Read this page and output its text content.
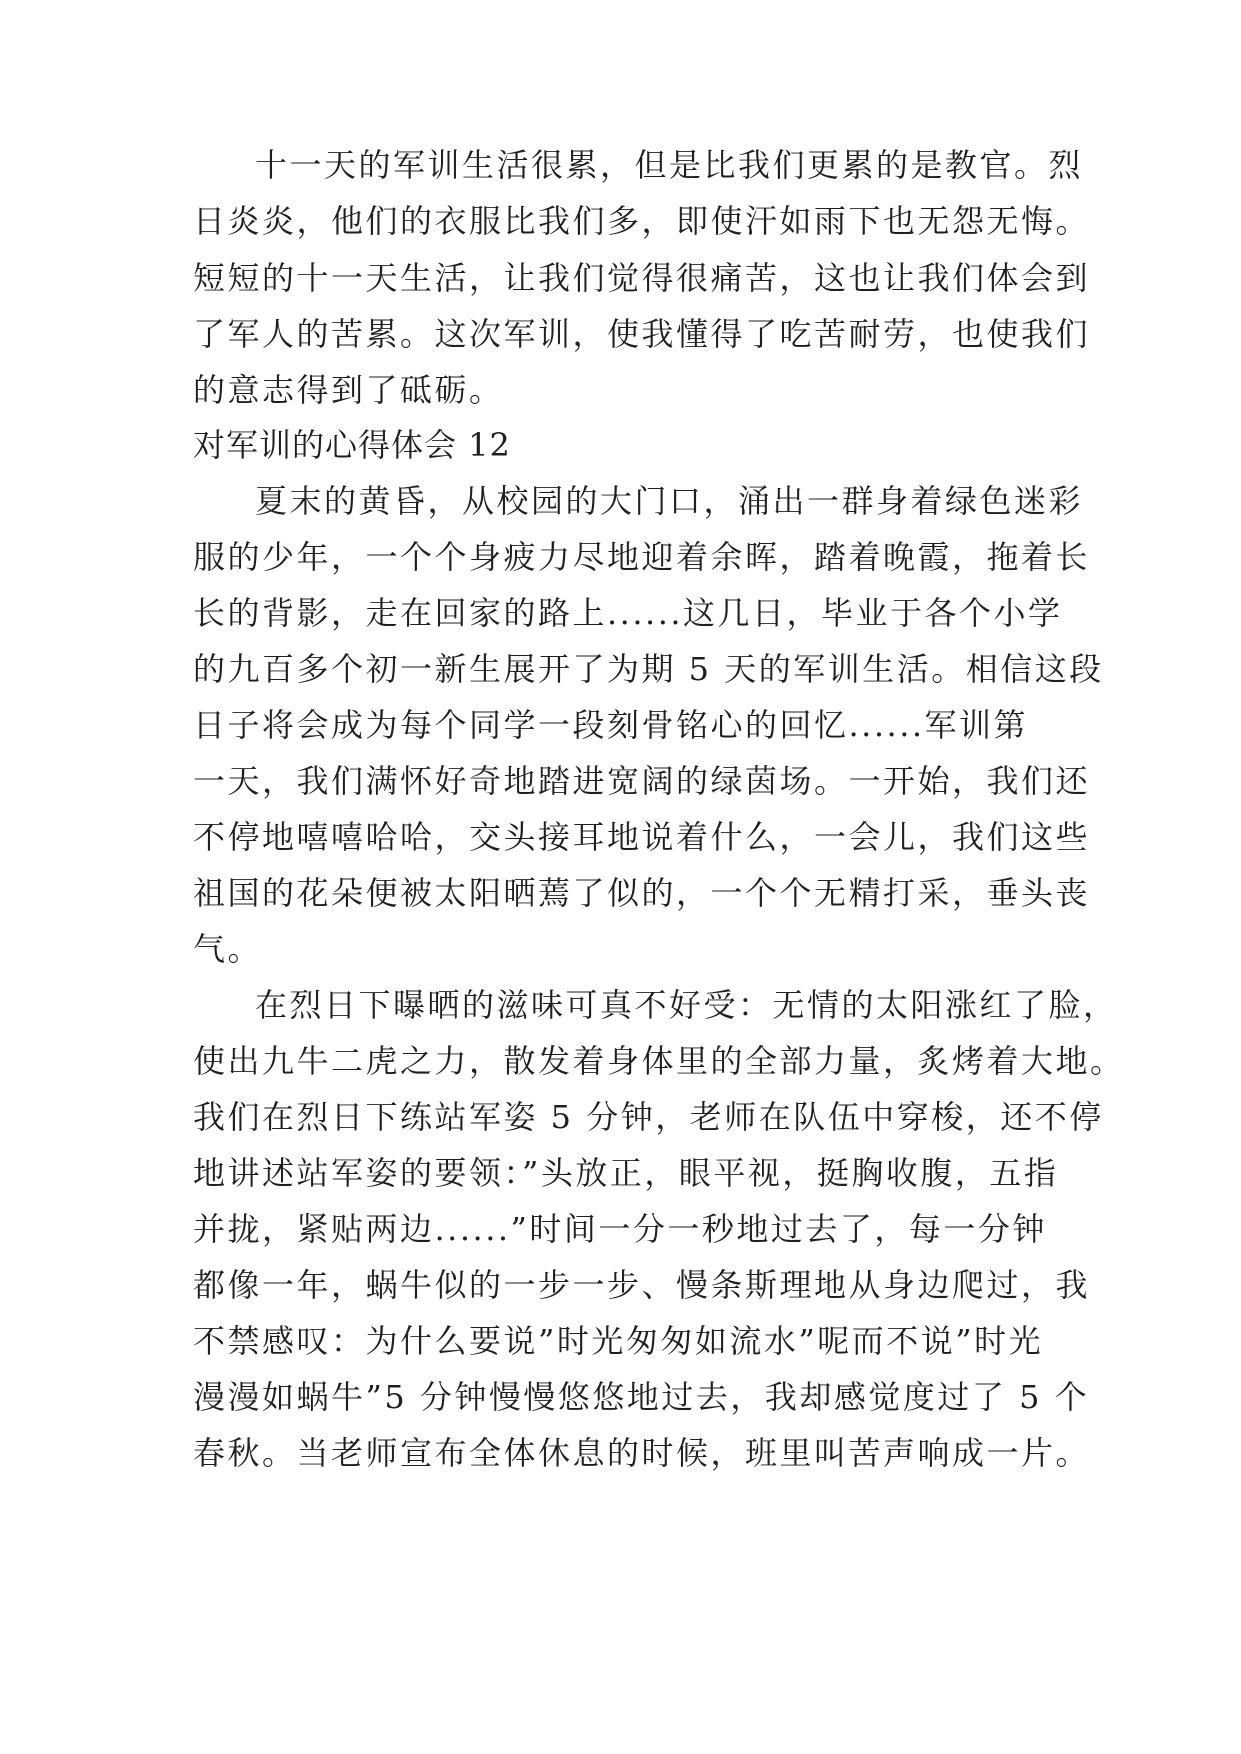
十一天的军训生活很累，但是比我们更累的是教官。烈
日炎炎，他们的衣服比我们多，即使汗如雨下也无怨无悔。
短短的十一天生活，让我们觉得很痛苦，这也让我们体会到
了军人的苦累。这次军训，使我懂得了吃苦耐劳，也使我们
的意志得到了砥砺。
对军训的心得体会 12
夏末的黄昏，从校园的大门口，涌出一群身着绿色迷彩
服的少年，一个个身疲力尽地迎着余晖，踏着晚霞，拖着长
长的背影，走在回家的路上......这几日，毕业于各个小学
的九百多个初一新生展开了为期 5 天的军训生活。相信这段
日子将会成为每个同学一段刻骨铭心的回忆......军训第
一天，我们满怀好奇地踏进宽阔的绿茵场。一开始，我们还
不停地嘻嘻哈哈，交头接耳地说着什么，一会儿，我们这些
祖国的花朵便被太阳晒蔫了似的，一个个无精打采，垂头丧
气。
在烈日下曝晒的滋味可真不好受：无情的太阳涨红了脸，
使出九牛二虎之力，散发着身体里的全部力量，炙烤着大地。
我们在烈日下练站军姿 5 分钟，老师在队伍中穿梭，还不停
地讲述站军姿的要领：”头放正，眼平视，挺胸收腹，五指
并拢，紧贴两边......”时间一分一秒地过去了，每一分钟
都像一年，蜗牛似的一步一步、慢条斯理地从身边爬过，我
不禁感叹：为什么要说”时光匆匆如流水”呢而不说”时光
漫漫如蜗牛”5 分钟慢慢悠悠地过去，我却感觉度过了 5 个
春秋。当老师宣布全体休息的时候，班里叫苦声响成一片。
